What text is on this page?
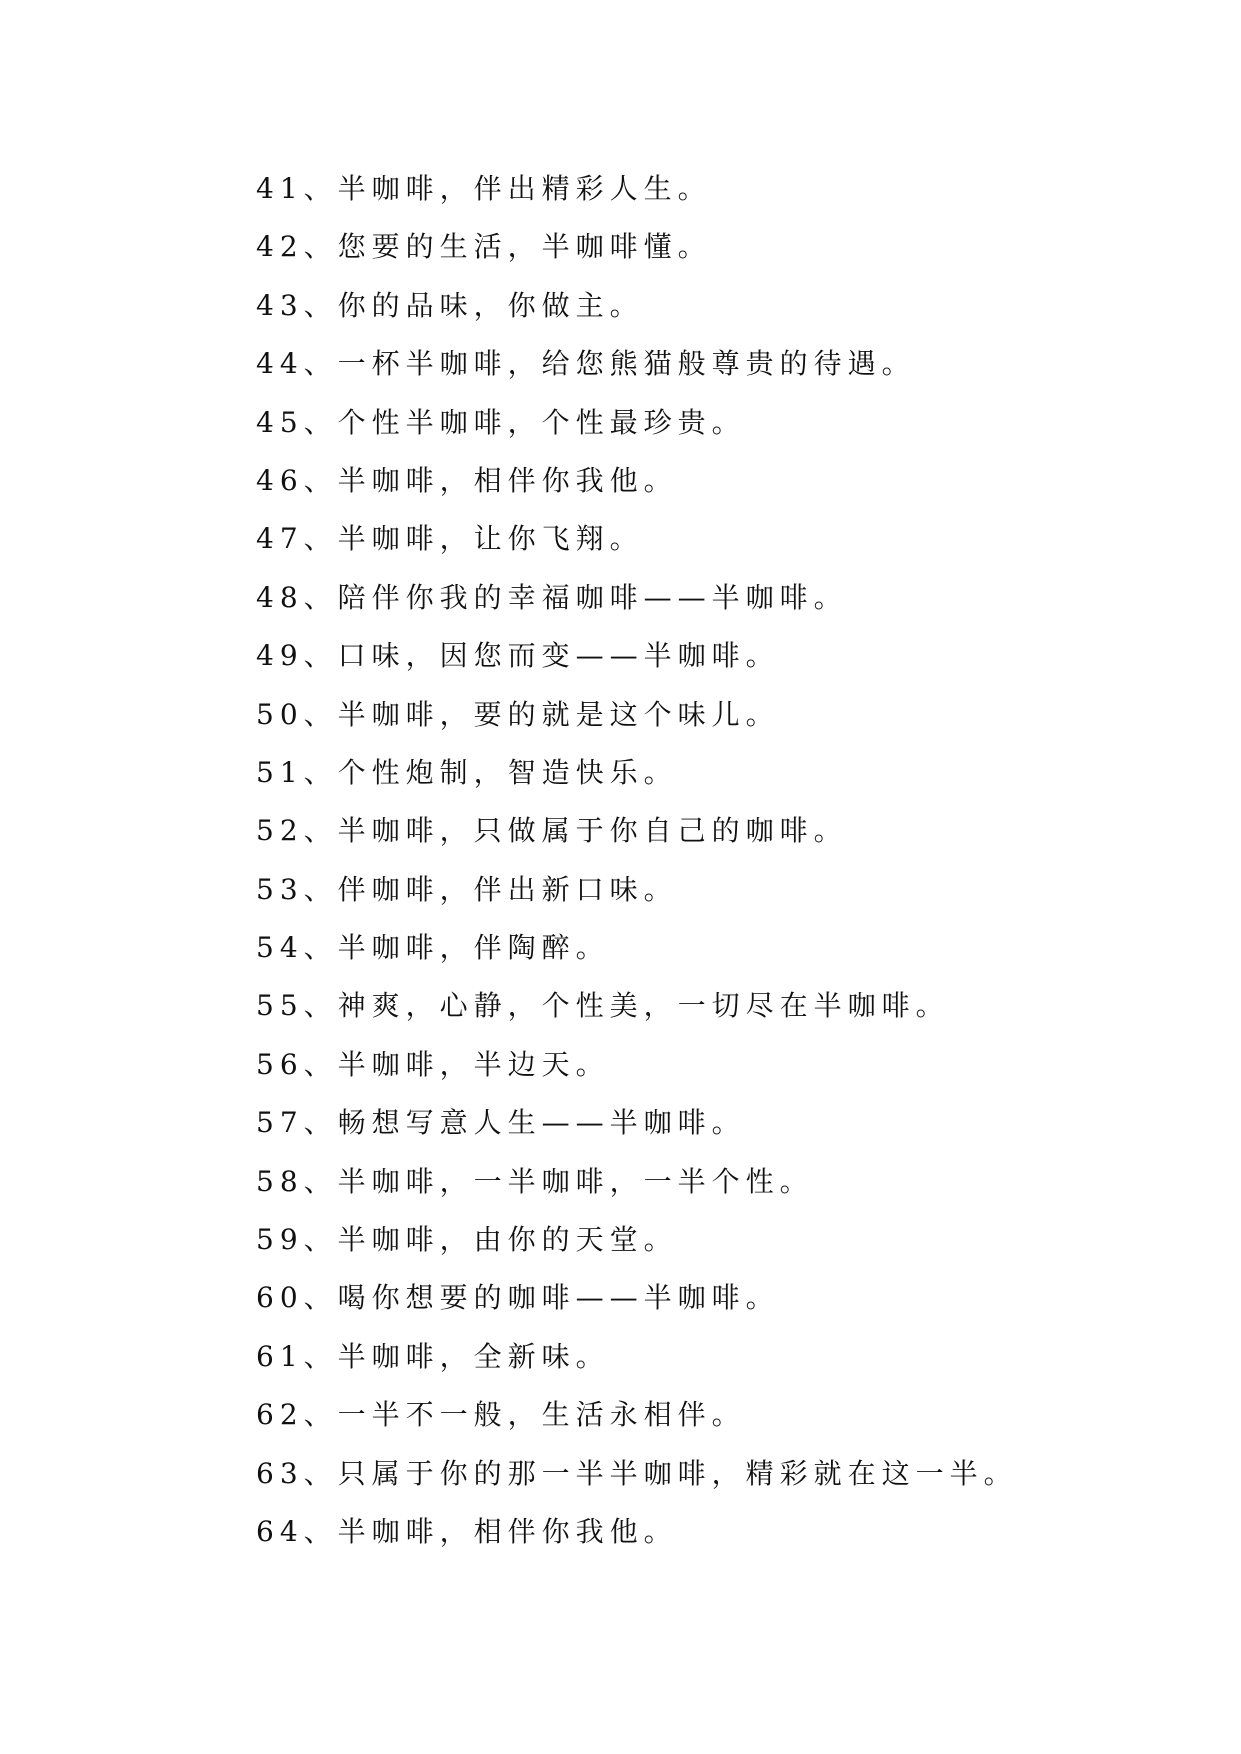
41、半咖啡，伴出精彩人生。
42、您要的生活，半咖啡懂。
43、你的品味，你做主。
44、一杯半咖啡，给您熊猫般尊贵的待遇。
45、个性半咖啡，个性最珍贵。
46、半咖啡，相伴你我他。
47、半咖啡，让你飞翔。
48、陪伴你我的幸福咖啡——半咖啡。
49、口味，因您而变——半咖啡。
50、半咖啡，要的就是这个味儿。
51、个性炮制，智造快乐。
52、半咖啡，只做属于你自己的咖啡。
53、伴咖啡，伴出新口味。
54、半咖啡，伴陶醉。
55、神爽，心静，个性美，一切尽在半咖啡。
56、半咖啡，半边天。
57、畅想写意人生——半咖啡。
58、半咖啡，一半咖啡，一半个性。
59、半咖啡，由你的天堂。
60、喝你想要的咖啡——半咖啡。
61、半咖啡，全新味。
62、一半不一般，生活永相伴。
63、只属于你的那一半半咖啡，精彩就在这一半。
64、半咖啡，相伴你我他。
